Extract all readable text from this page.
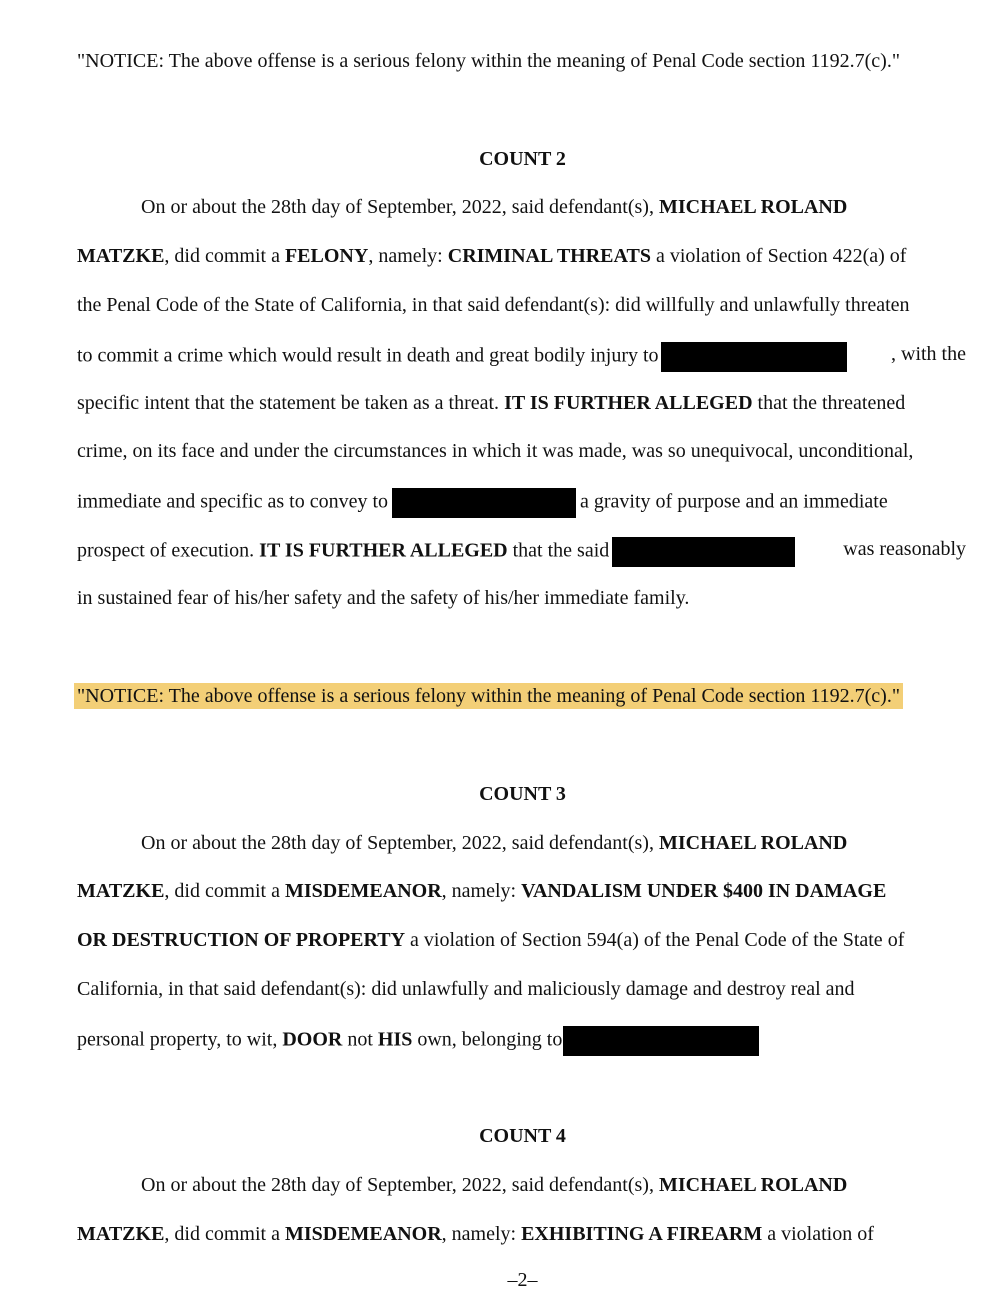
"NOTICE: The above offense is a serious felony within the meaning of Penal Code section 1192.7(c)."
COUNT 2
On or about the 28th day of September, 2022, said defendant(s), MICHAEL ROLAND
MATZKE, did commit a FELONY, namely: CRIMINAL THREATS a violation of Section 422(a) of
the Penal Code of the State of California, in that said defendant(s): did willfully and unlawfully threaten
to commit a crime which would result in death and great bodily injury to	, with the
specific intent that the statement be taken as a threat. IT IS FURTHER ALLEGED that the threatened
crime, on its face and under the circumstances in which it was made, was so unequivocal, unconditional,
immediate and specific as to convey to	a gravity of purpose and an immediate
prospect of execution. IT IS FURTHER ALLEGED that the said	was reasonably
in sustained fear of his/her safety and the safety of his/her immediate family.
"NOTICE: The above offense is a serious felony within the meaning of Penal Code section 1192.7(c)."
COUNT 3
On or about the 28th day of September, 2022, said defendant(s), MICHAEL ROLAND
MATZKE, did commit a MISDEMEANOR, namely: VANDALISM UNDER $400 IN DAMAGE
OR DESTRUCTION OF PROPERTY a violation of Section 594(a) of the Penal Code of the State of
California, in that said defendant(s): did unlawfully and maliciously damage and destroy real and
personal property, to wit, DOOR not HIS own, belonging to
COUNT 4
On or about the 28th day of September, 2022, said defendant(s), MICHAEL ROLAND
MATZKE, did commit a MISDEMEANOR, namely: EXHIBITING A FIREARM a violation of
–2–
